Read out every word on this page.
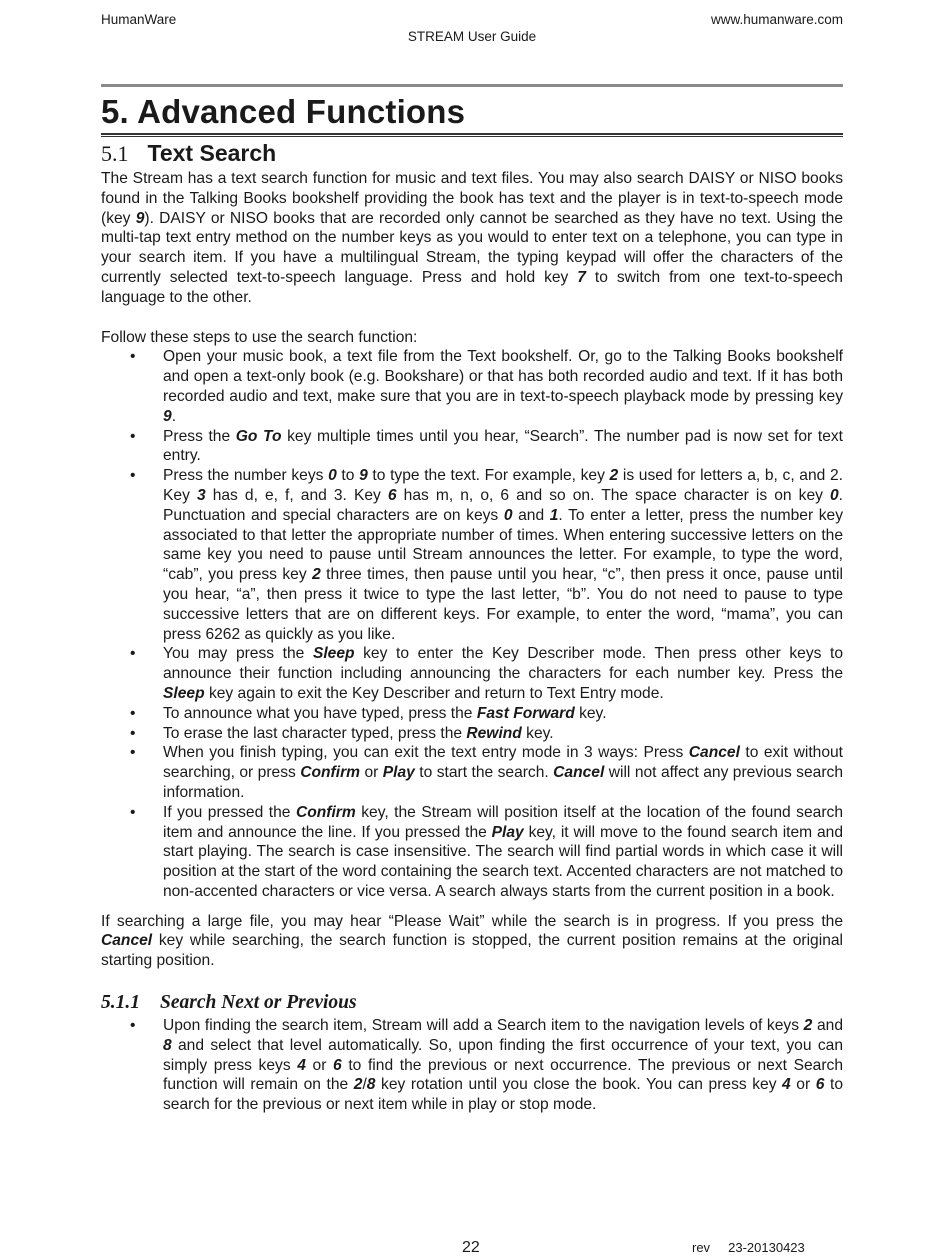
HumanWare	www.humanware.com
STREAM User Guide
5. Advanced Functions
5.1 Text Search

The Stream has a text search function for music and text files. You may also search DAISY or NISO books found in the Talking Books bookshelf providing the book has text and the player is in text-to-speech mode (key 9). DAISY or NISO books that are recorded only cannot be searched as they have no text. Using the multi-tap text entry method on the number keys as you would to enter text on a telephone, you can type in your search item. If you have a multilingual Stream, the typing keypad will offer the characters of the currently selected text-to-speech language. Press and hold key 7 to switch from one text-to-speech language to the other.

Follow these steps to use the search function:

• Open your music book, a text file from the Text bookshelf. Or, go to the Talking Books bookshelf and open a text-only book (e.g. Bookshare) or that has both recorded audio and text. If it has both recorded audio and text, make sure that you are in text-to-speech playback mode by pressing key 9.
• Press the Go To key multiple times until you hear, “Search”. The number pad is now set for text entry.
• Press the number keys 0 to 9 to type the text. For example, key 2 is used for letters a, b, c, and 2. Key 3 has d, e, f, and 3. Key 6 has m, n, o, 6 and so on. The space character is on key 0. Punctuation and special characters are on keys 0 and 1. To enter a letter, press the number key associated to that letter the appropriate number of times. When entering successive letters on the same key you need to pause until Stream announces the letter. For example, to type the word, “cab”, you press key 2 three times, then pause until you hear, “c”, then press it once, pause until you hear, “a”, then press it twice to type the last letter, “b”. You do not need to pause to type successive letters that are on different keys. For example, to enter the word, “mama”, you can press 6262 as quickly as you like.
• You may press the Sleep key to enter the Key Describer mode. Then press other keys to announce their function including announcing the characters for each number key. Press the Sleep key again to exit the Key Describer and return to Text Entry mode.
• To announce what you have typed, press the Fast Forward key.
• To erase the last character typed, press the Rewind key.
• When you finish typing, you can exit the text entry mode in 3 ways: Press Cancel to exit without searching, or press Confirm or Play to start the search. Cancel will not affect any previous search information.
• If you pressed the Confirm key, the Stream will position itself at the location of the found search item and announce the line. If you pressed the Play key, it will move to the found search item and start playing. The search is case insensitive. The search will find partial words in which case it will position at the start of the word containing the search text. Accented characters are not matched to non-accented characters or vice versa. A search always starts from the current position in a book.

If searching a large file, you may hear “Please Wait” while the search is in progress. If you press the Cancel key while searching, the search function is stopped, the current position remains at the original starting position.

5.1.1 Search Next or Previous
• Upon finding the search item, Stream will add a Search item to the navigation levels of keys 2 and 8 and select that level automatically. So, upon finding the first occurrence of your text, you can simply press keys 4 or 6 to find the previous or next occurrence. The previous or next Search function will remain on the 2/8 key rotation until you close the book. You can press key 4 or 6 to search for the previous or next item while in play or stop mode.
22	rev 23-20130423
